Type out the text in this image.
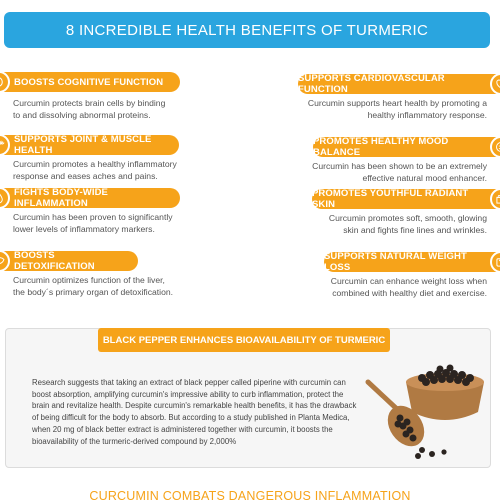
8 INCREDIBLE HEALTH BENEFITS OF TURMERIC
BOOSTS COGNITIVE FUNCTION
Curcumin protects brain cells by binding
to and dissolving abnormal proteins.
SUPPORTS JOINT & MUSCLE HEALTH
Curcumin promotes a healthy inflammatory
response and eases aches and pains.
FIGHTS BODY-WIDE INFLAMMATION
Curcumin has been proven to significantly
lower levels of inflammatory markers.
BOOSTS DETOXIFICATION
Curcumin optimizes function of the liver,
the body´s primary organ of detoxification.
SUPPORTS CARDIOVASCULAR FUNCTION
Curcumin supports heart health by promoting a
healthy inflammatory response.
PROMOTES HEALTHY MOOD BALANCE
Curcumin has been shown to be an extremely
effective natural mood enhancer.
PROMOTES YOUTHFUL RADIANT SKIN
Curcumin promotes soft, smooth, glowing
skin and fights fine lines and wrinkles.
SUPPORTS NATURAL WEIGHT LOSS
Curcumin can enhance weight loss when
combined with healthy diet and exercise.
BLACK PEPPER ENHANCES BIOAVAILABILITY OF TURMERIC
Research suggests that taking an extract of black pepper called piperine with curcumin can
boost absorption, amplifying curcumin's impressive ability to curb inflammation, protect the
brain and revitalize health. Despite curcumin's remarkable health benefits, it has the drawback
of being difficult for the body to absorb. But according to a study published in Planta Medica,
when 20 mg of black better extract is administered together with curcumin, it boosts the
bioavailability of the turmeric-derived compound by 2,000%
CURCUMIN COMBATS DANGEROUS INFLAMMATION
